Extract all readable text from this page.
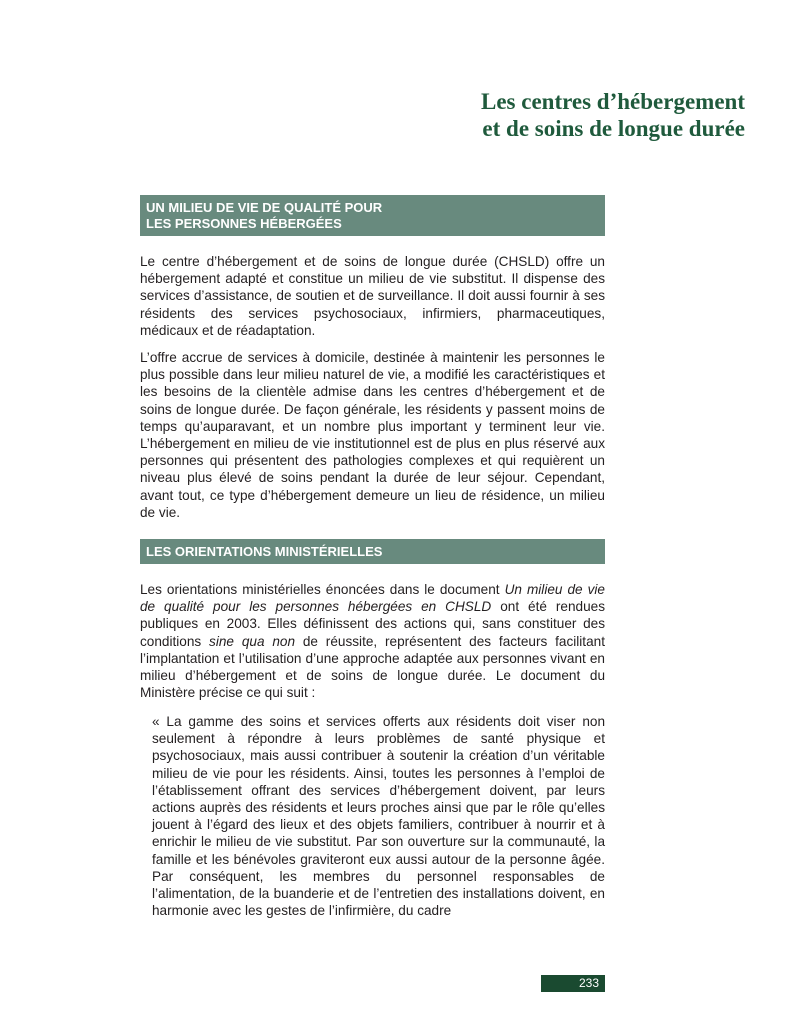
Les centres d’hébergement
et de soins de longue durée
UN MILIEU DE VIE DE QUALITÉ POUR
LES PERSONNES HÉBERGÉES

Le centre d’hébergement et de soins de longue durée (CHSLD) offre un hébergement adapté et constitue un milieu de vie substitut. Il dispense des services d’assistance, de soutien et de surveillance. Il doit aussi fournir à ses résidents des services psychosociaux, infirmiers, pharmaceutiques, médicaux et de réadaptation.

L’offre accrue de services à domicile, destinée à maintenir les personnes le plus possible dans leur milieu naturel de vie, a modifié les caractéristiques et les besoins de la clientèle admise dans les centres d’hébergement et de soins de longue durée. De façon générale, les résidents y passent moins de temps qu’auparavant, et un nombre plus important y terminent leur vie. L’hébergement en milieu de vie institutionnel est de plus en plus réservé aux personnes qui présentent des pathologies complexes et qui requièrent un niveau plus élevé de soins pendant la durée de leur séjour. Cependant, avant tout, ce type d’hébergement demeure un lieu de résidence, un milieu de vie.

LES ORIENTATIONS MINISTÉRIELLES

Les orientations ministérielles énoncées dans le document Un milieu de vie de qualité pour les personnes hébergées en CHSLD ont été rendues publiques en 2003. Elles définissent des actions qui, sans constituer des conditions sine qua non de réussite, représentent des facteurs facilitant l’implantation et l’utilisation d’une approche adaptée aux personnes vivant en milieu d’hébergement et de soins de longue durée. Le document du Ministère précise ce qui suit :

« La gamme des soins et services offerts aux résidents doit viser non seulement à répondre à leurs problèmes de santé physique et psychosociaux, mais aussi contribuer à soutenir la création d’un véritable milieu de vie pour les résidents. Ainsi, toutes les personnes à l’emploi de l’établissement offrant des services d’hébergement doivent, par leurs actions auprès des résidents et leurs proches ainsi que par le rôle qu’elles jouent à l’égard des lieux et des objets familiers, contribuer à nourrir et à enrichir le milieu de vie substitut. Par son ouverture sur la communauté, la famille et les bénévoles graviteront eux aussi autour de la personne âgée. Par conséquent, les membres du personnel responsables de l’alimentation, de la buanderie et de l’entretien des installations doivent, en harmonie avec les gestes de l’infirmière, du cadre

233
